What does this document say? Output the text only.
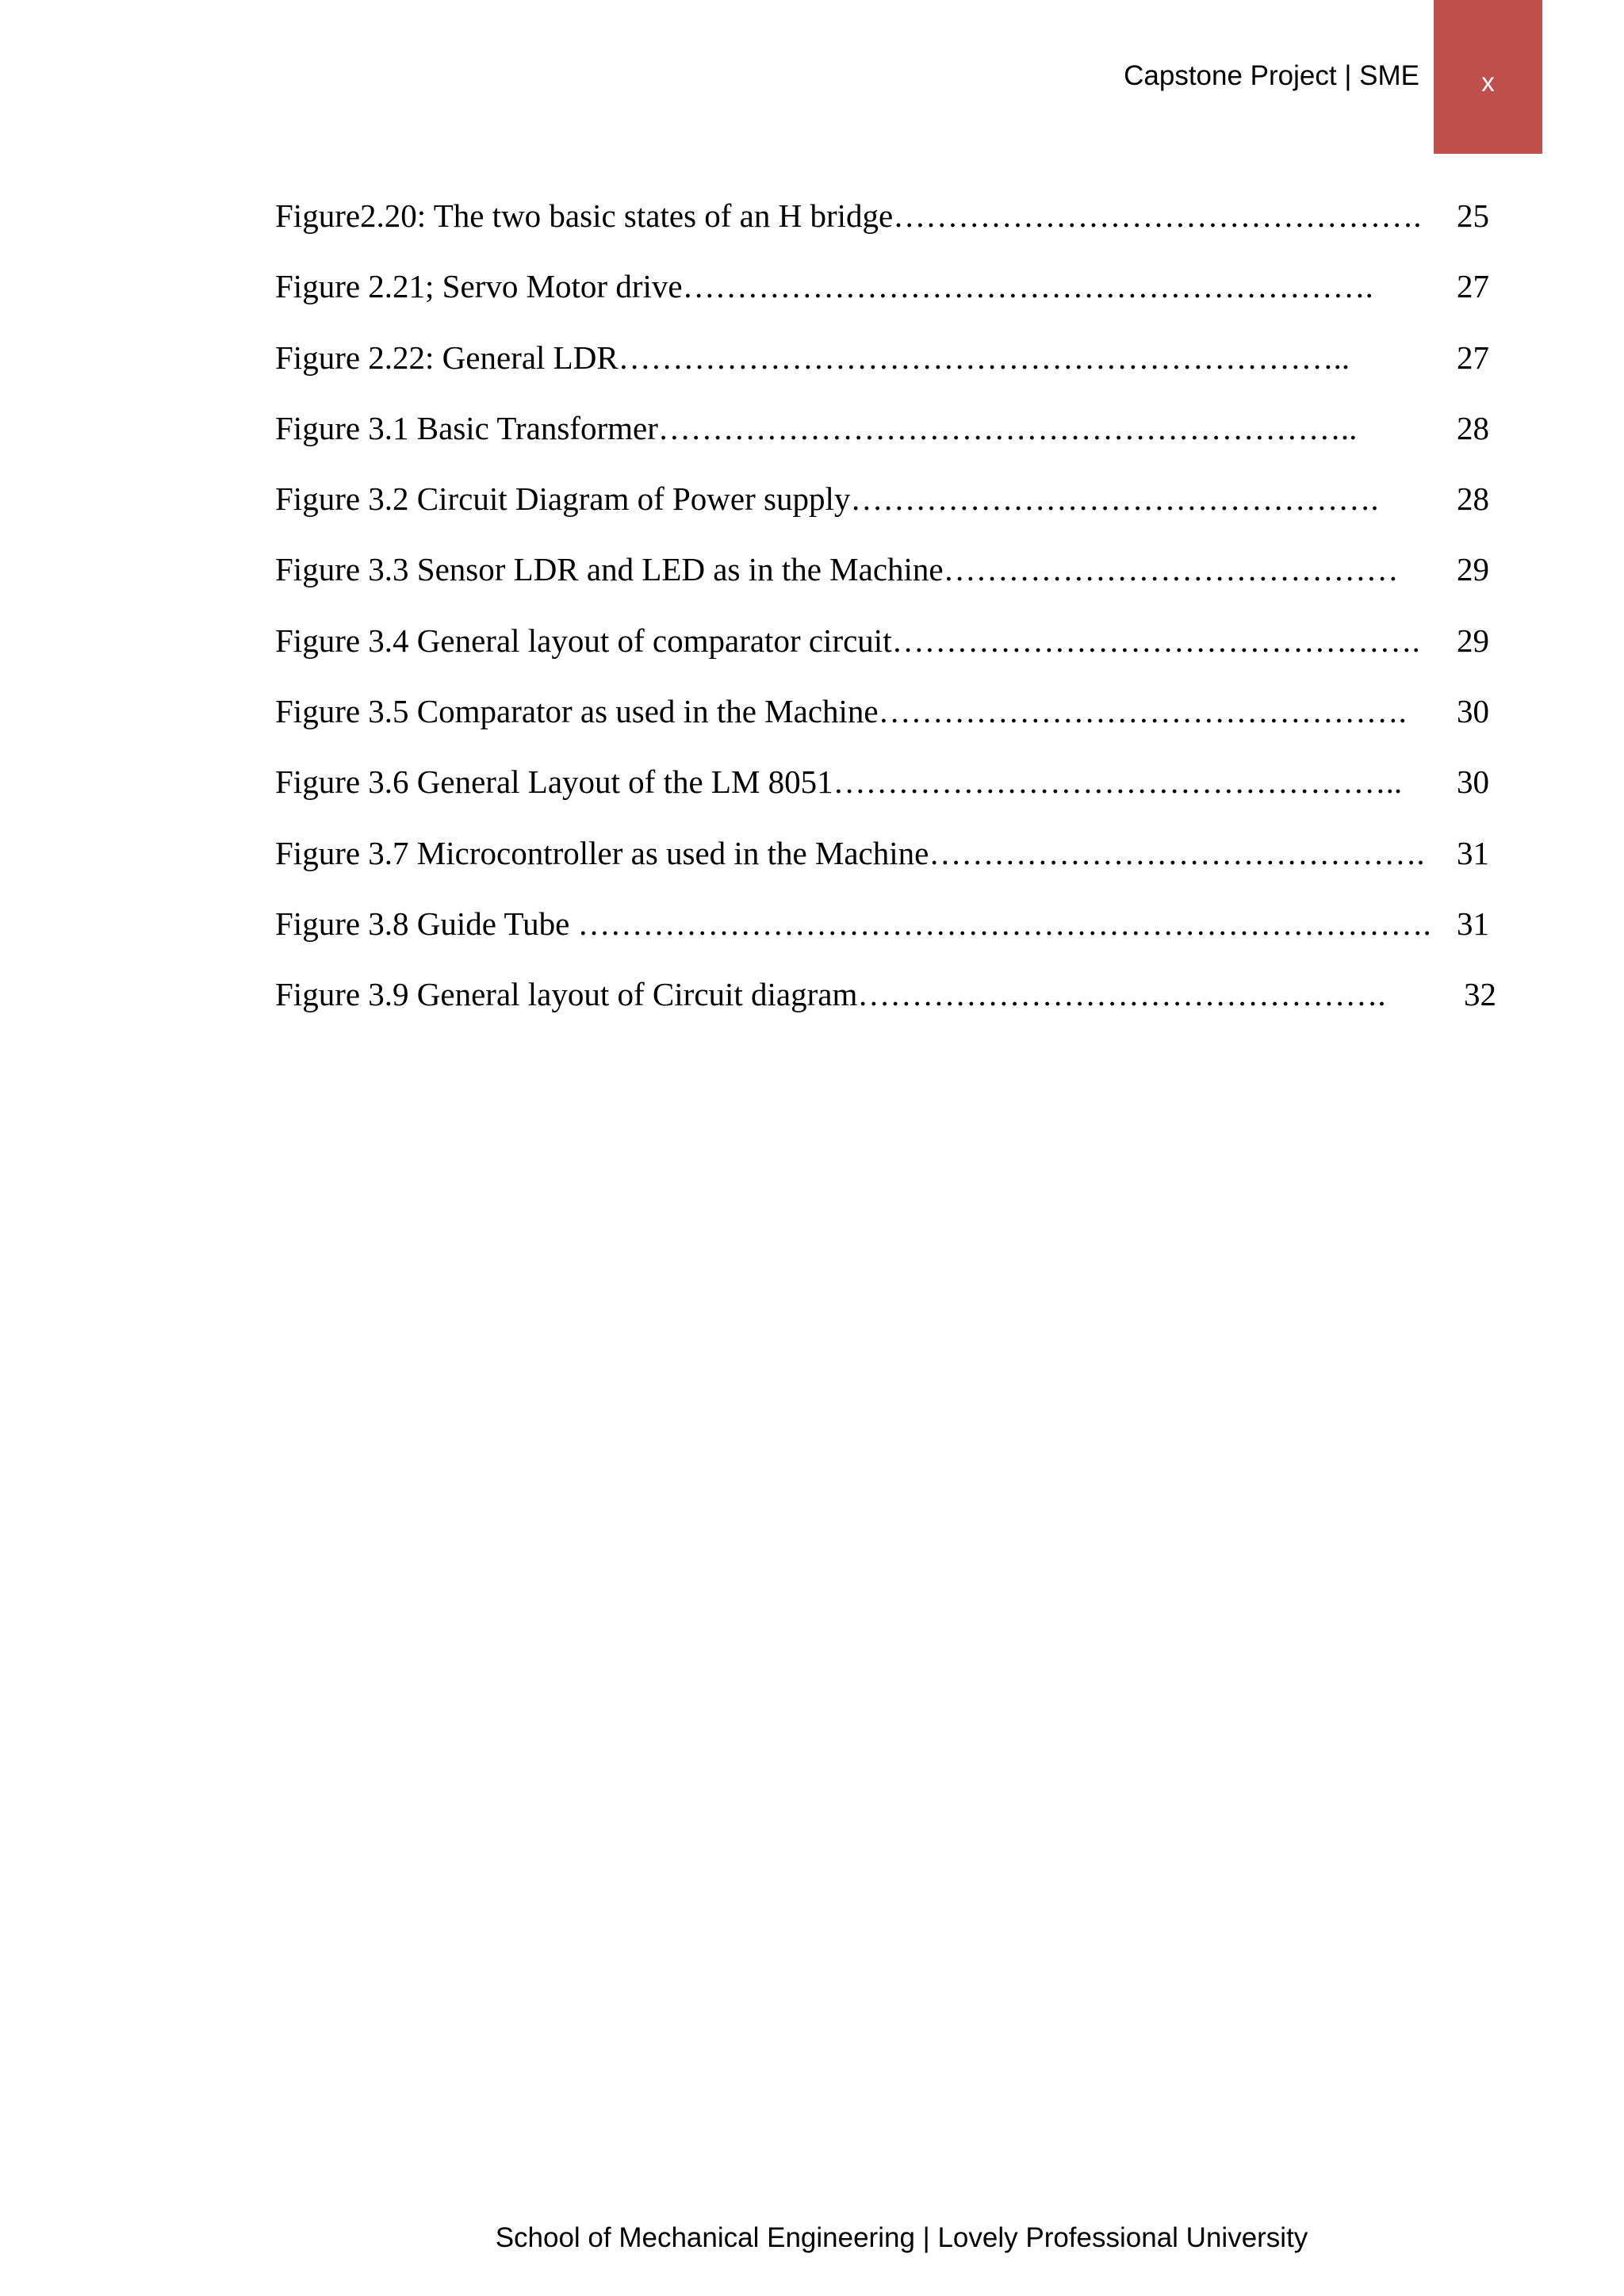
Capstone Project | SME x
Figure2.20: The two basic states of an H bridge…………………………………………. 25
Figure 2.21; Servo Motor drive……………………………………………………….	27
Figure 2.22: General LDR…………………………………………………………..	27
Figure 3.1 Basic Transformer………………………………………………………..	28
Figure 3.2 Circuit Diagram of Power supply…………………………………………. 28
Figure 3.3 Sensor LDR and LED as in the Machine…………………………………… 29
Figure 3.4 General layout of comparator circuit…………………………………………. 29
Figure 3.5 Comparator as used in the Machine…………………………………………. 30
Figure 3.6 General Layout of the LM 8051…………………………………………….. 30
Figure 3.7 Microcontroller as used in the Machine………………………………………. 31
Figure 3.8 Guide Tube ……………………………………………………………………. 31
Figure 3.9 General layout of Circuit diagram…………………………………………. 32
School of Mechanical Engineering | Lovely Professional University
